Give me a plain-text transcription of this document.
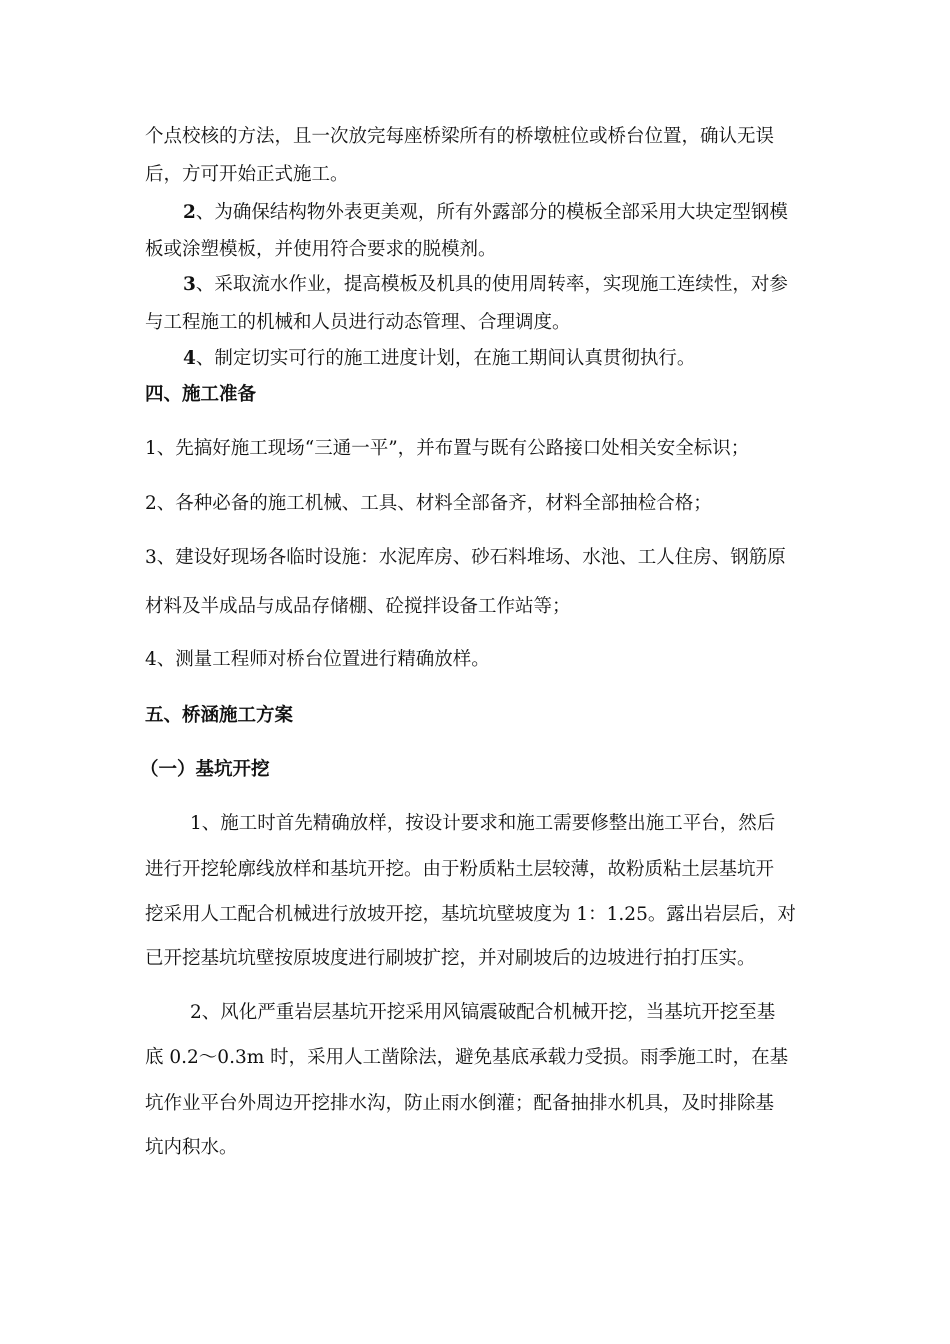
个点校核的方法，且一次放完每座桥梁所有的桥墩桩位或桥台位置，确认无误
后，方可开始正式施工。
2、为确保结构物外表更美观，所有外露部分的模板全部采用大块定型钢模
板或涂塑模板，并使用符合要求的脱模剂。
3、采取流水作业，提高模板及机具的使用周转率，实现施工连续性，对参
与工程施工的机械和人员进行动态管理、合理调度。
4、制定切实可行的施工进度计划，在施工期间认真贯彻执行。
四、施工准备
1、先搞好施工现场“三通一平”，并布置与既有公路接口处相关安全标识；
2、各种必备的施工机械、工具、材料全部备齐，材料全部抽检合格；
3、建设好现场各临时设施：水泥库房、砂石料堆场、水池、工人住房、钢筋原
材料及半成品与成品存储棚、砼搅拌设备工作站等；
4、测量工程师对桥台位置进行精确放样。
五、桥涵施工方案
（一）基坑开挖
1、施工时首先精确放样，按设计要求和施工需要修整出施工平台，然后
进行开挖轮廓线放样和基坑开挖。由于粉质粘土层较薄，故粉质粘土层基坑开
挖采用人工配合机械进行放坡开挖，基坑坑壁坡度为 1：1.25。露出岩层后，对
已开挖基坑坑壁按原坡度进行刷坡扩挖，并对刷坡后的边坡进行拍打压实。
2、风化严重岩层基坑开挖采用风镐震破配合机械开挖，当基坑开挖至基
底 0.2～0.3m 时，采用人工凿除法，避免基底承载力受损。雨季施工时，在基
坑作业平台外周边开挖排水沟，防止雨水倒灌；配备抽排水机具，及时排除基
坑内积水。
